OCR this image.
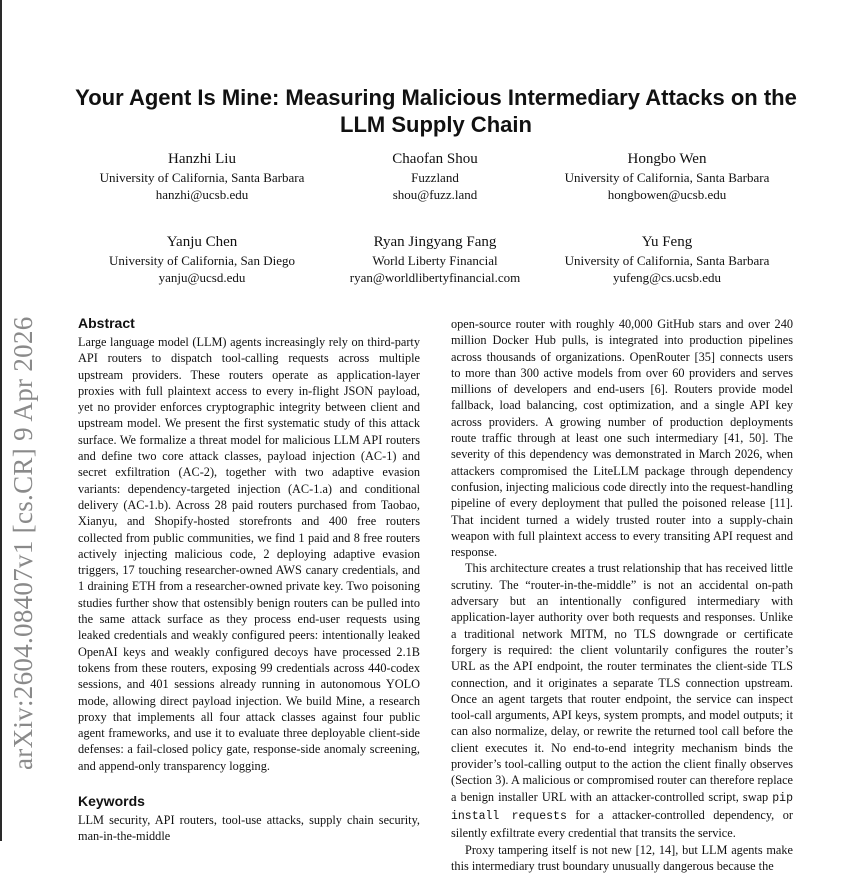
arXiv:2604.08407v1 [cs.CR] 9 Apr 2026
Your Agent Is Mine: Measuring Malicious Intermediary Attacks on the LLM Supply Chain
Hanzhi Liu
University of California, Santa Barbara
hanzhi@ucsb.edu
Chaofan Shou
Fuzzland
shou@fuzz.land
Hongbo Wen
University of California, Santa Barbara
hongbowen@ucsb.edu
Yanju Chen
University of California, San Diego
yanju@ucsd.edu
Ryan Jingyang Fang
World Liberty Financial
ryan@worldlibertyfinancial.com
Yu Feng
University of California, Santa Barbara
yufeng@cs.ucsb.edu
Abstract

Large language model (LLM) agents increasingly rely on third-party API routers to dispatch tool-calling requests across multiple upstream providers. These routers operate as application-layer proxies with full plaintext access to every in-flight JSON payload, yet no provider enforces cryptographic integrity between client and upstream model. We present the first systematic study of this attack surface. We formalize a threat model for malicious LLM API routers and define two core attack classes, payload injection (AC-1) and secret exfiltration (AC-2), together with two adaptive evasion variants: dependency-targeted injection (AC-1.a) and conditional delivery (AC-1.b). Across 28 paid routers purchased from Taobao, Xianyu, and Shopify-hosted storefronts and 400 free routers collected from public communities, we find 1 paid and 8 free routers actively injecting malicious code, 2 deploying adaptive evasion triggers, 17 touching researcher-owned AWS canary credentials, and 1 draining ETH from a researcher-owned private key. Two poisoning studies further show that ostensibly benign routers can be pulled into the same attack surface as they process end-user requests using leaked credentials and weakly configured peers: intentionally leaked OpenAI keys and weakly configured decoys have processed 2.1B tokens from these routers, exposing 99 credentials across 440-codex sessions, and 401 sessions already running in autonomous YOLO mode, allowing direct payload injection. We build Mine, a research proxy that implements all four attack classes against four public agent frameworks, and use it to evaluate three deployable client-side defenses: a fail-closed policy gate, response-side anomaly screening, and append-only transparency logging.

Keywords

LLM security, API routers, tool-use attacks, supply chain security, man-in-the-middle

open-source router with roughly 40,000 GitHub stars and over 240 million Docker Hub pulls, is integrated into production pipelines across thousands of organizations. OpenRouter [35] connects users to more than 300 active models from over 60 providers and serves millions of developers and end-users [6]. Routers provide model fallback, load balancing, cost optimization, and a single API key across providers. A growing number of production deployments route traffic through at least one such intermediary [41, 50]. The severity of this dependency was demonstrated in March 2026, when attackers compromised the LiteLLM package through dependency confusion, injecting malicious code directly into the request-handling pipeline of every deployment that pulled the poisoned release [11]. That incident turned a widely trusted router into a supply-chain weapon with full plaintext access to every transiting API request and response.

This architecture creates a trust relationship that has received little scrutiny. The “router-in-the-middle” is not an accidental on-path adversary but an intentionally configured intermediary with application-layer authority over both requests and responses. Unlike a traditional network MITM, no TLS downgrade or certificate forgery is required: the client voluntarily configures the router’s URL as the API endpoint, the router terminates the client-side TLS connection, and it originates a separate TLS connection upstream. Once an agent targets that router endpoint, the service can inspect tool-call arguments, API keys, system prompts, and model outputs; it can also normalize, delay, or rewrite the returned tool call before the client executes it. No end-to-end integrity mechanism binds the provider’s tool-calling output to the action the client finally observes (Section 3). A malicious or compromised router can therefore replace a benign installer URL with an attacker-controlled script, swap pip install requests for a attacker-controlled dependency, or silently exfiltrate every credential that transits the service.

Proxy tampering itself is not new [12, 14], but LLM agents make this intermediary trust boundary unusually dangerous because the
